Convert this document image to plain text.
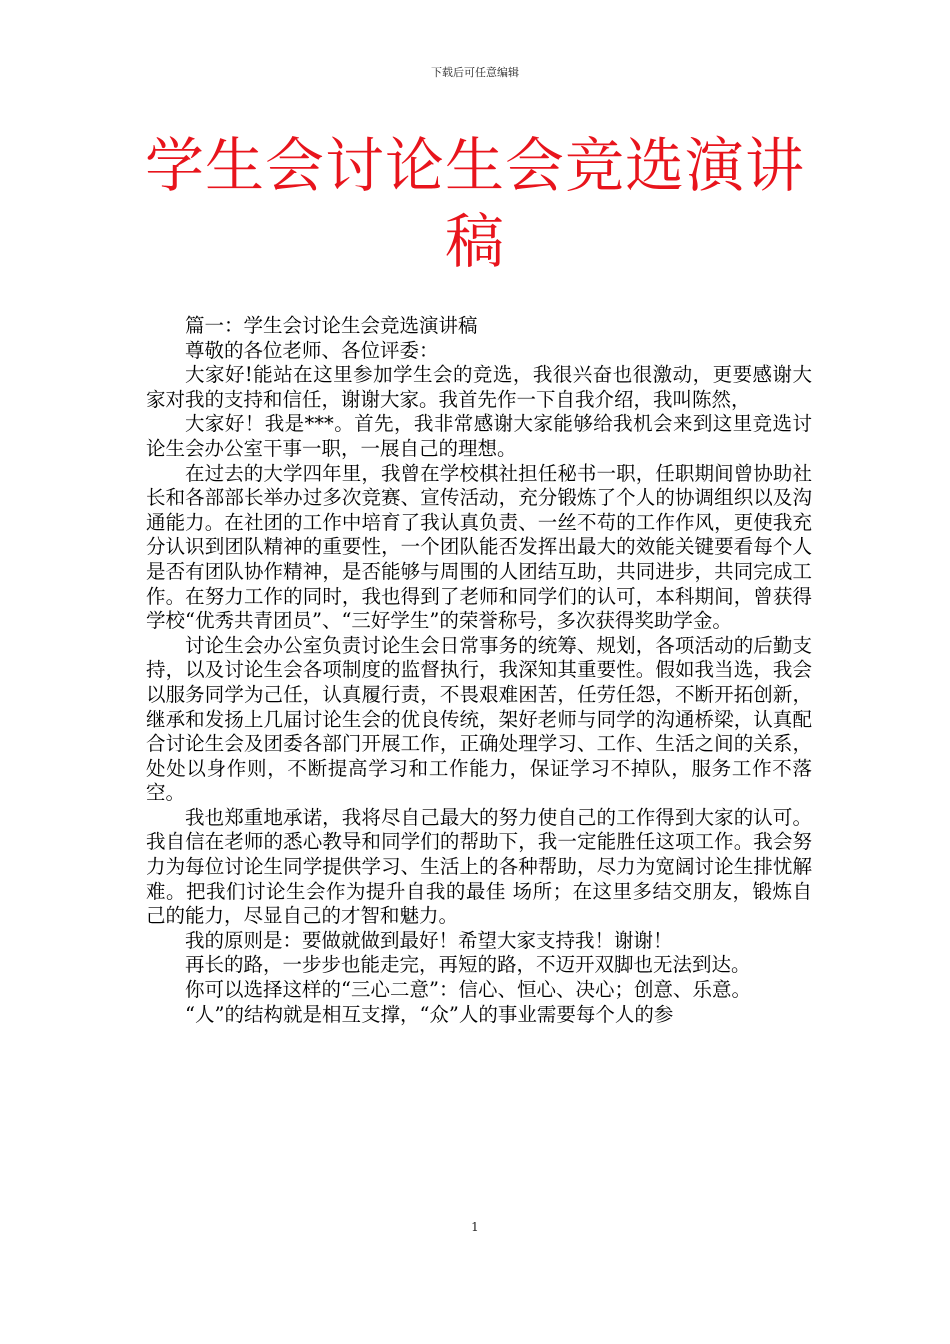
下载后可任意编辑
学生会讨论生会竞选演讲稿

篇一：学生会讨论生会竞选演讲稿

尊敬的各位老师、各位评委：

大家好!能站在这里参加学生会的竞选，我很兴奋也很激动，更要感谢大家对我的支持和信任，谢谢大家。我首先作一下自我介绍，我叫陈然，

大家好！我是***。首先，我非常感谢大家能够给我机会来到这里竞选讨论生会办公室干事一职，一展自己的理想。

在过去的大学四年里，我曾在学校棋社担任秘书一职，任职期间曾协助社长和各部部长举办过多次竞赛、宣传活动，充分锻炼了个人的协调组织以及沟通能力。在社团的工作中培育了我认真负责、一丝不苟的工作作风，更使我充分认识到团队精神的重要性，一个团队能否发挥出最大的效能关键要看每个人是否有团队协作精神，是否能够与周围的人团结互助，共同进步，共同完成工作。在努力工作的同时，我也得到了老师和同学们的认可，本科期间，曾获得学校“优秀共青团员”、“三好学生”的荣誉称号，多次获得奖助学金。

讨论生会办公室负责讨论生会日常事务的统筹、规划，各项活动的后勤支持，以及讨论生会各项制度的监督执行，我深知其重要性。假如我当选，我会以服务同学为己任，认真履行责，不畏艰难困苦，任劳任怨，不断开拓创新，继承和发扬上几届讨论生会的优良传统，架好老师与同学的沟通桥梁，认真配合讨论生会及团委各部门开展工作，正确处理学习、工作、生活之间的关系，处处以身作则，不断提高学习和工作能力，保证学习不掉队，服务工作不落空。

我也郑重地承诺，我将尽自己最大的努力使自己的工作得到大家的认可。我自信在老师的悉心教导和同学们的帮助下，我一定能胜任这项工作。我会努力为每位讨论生同学提供学习、生活上的各种帮助，尽力为宽阔讨论生排忧解难。把我们讨论生会作为提升自我的最佳 场所；在这里多结交朋友，锻炼自己的能力，尽显自己的才智和魅力。

我的原则是：要做就做到最好！希望大家支持我！谢谢！

再长的路，一步步也能走完，再短的路，不迈开双脚也无法到达。

你可以选择这样的“三心二意”：信心、恒心、决心；创意、乐意。

“人”的结构就是相互支撑，“众”人的事业需要每个人的参

1
